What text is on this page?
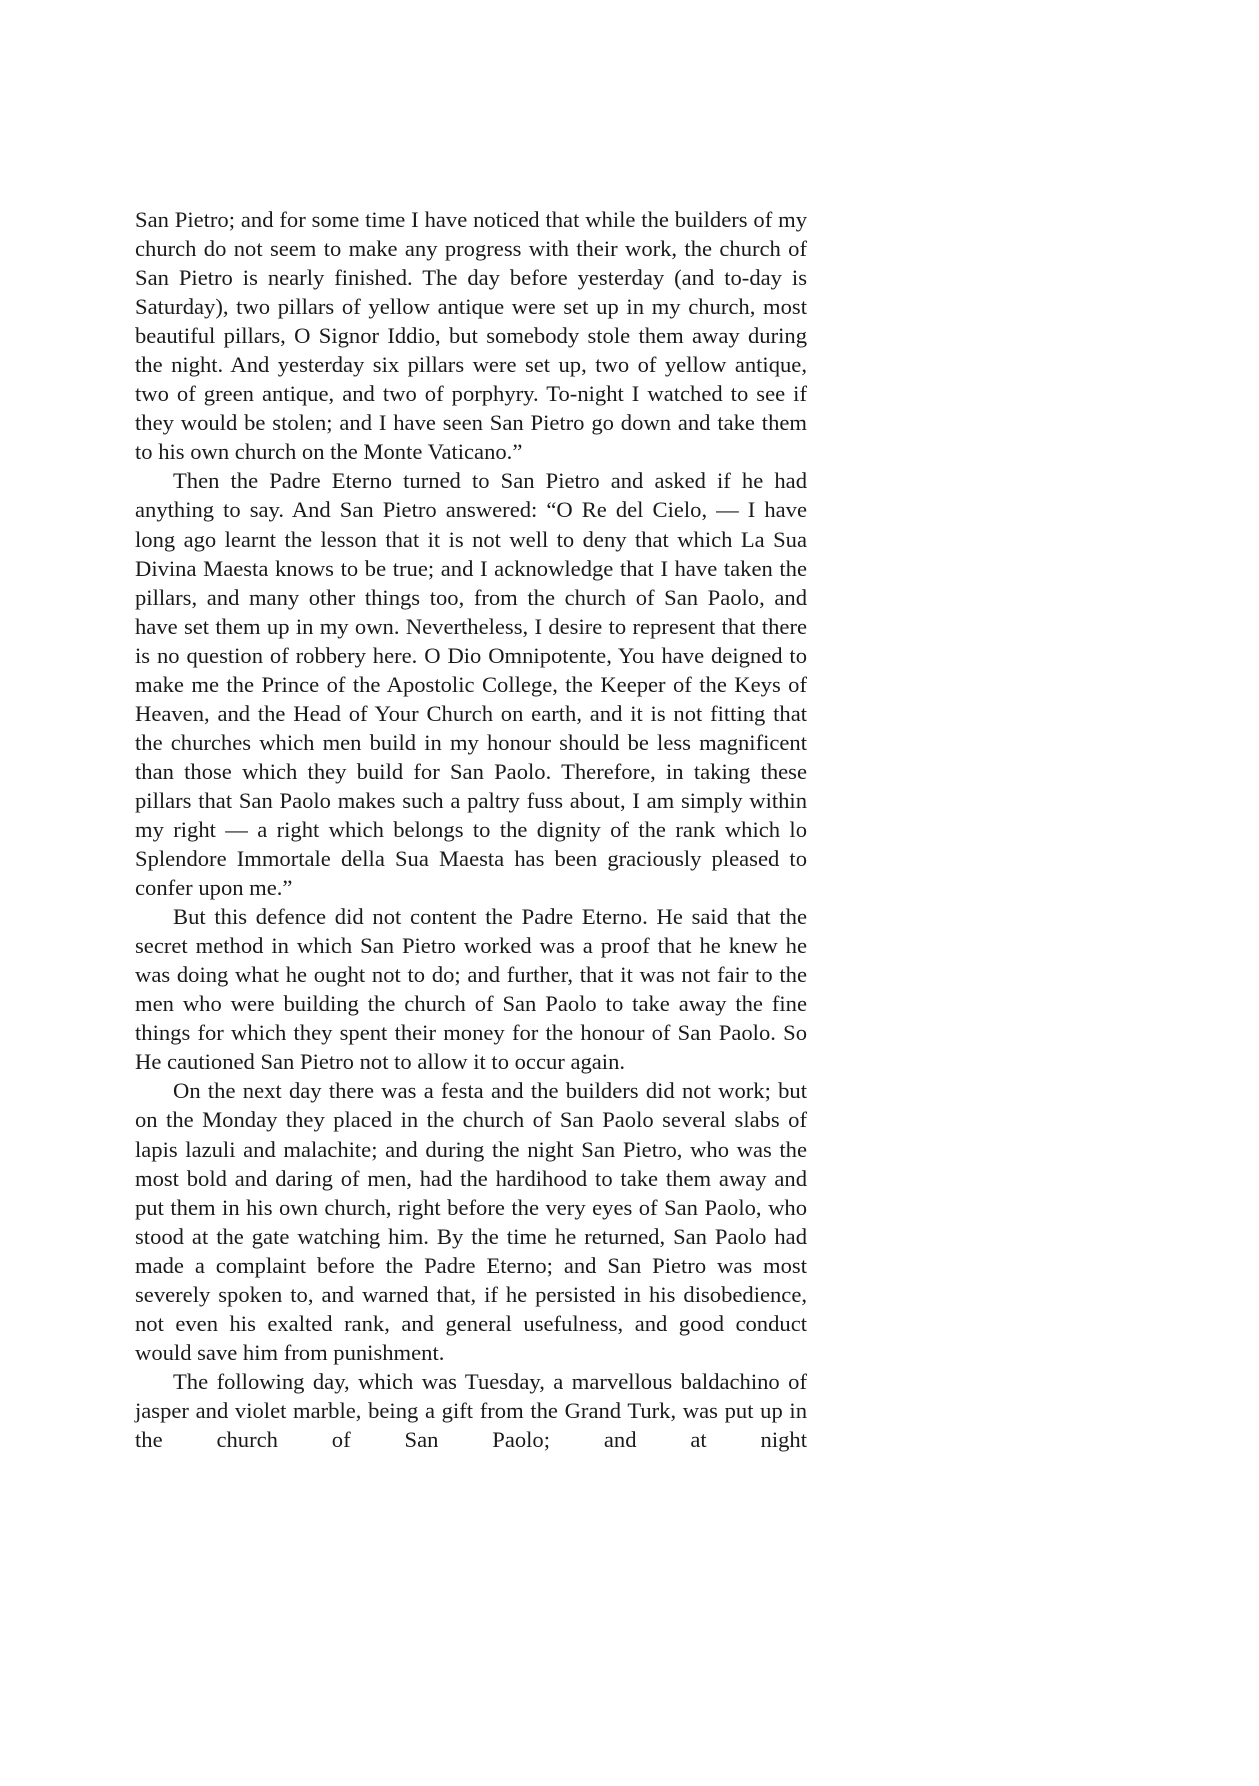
San Pietro; and for some time I have noticed that while the builders of my church do not seem to make any progress with their work, the church of San Pietro is nearly finished. The day before yesterday (and to-day is Saturday), two pillars of yellow antique were set up in my church, most beautiful pillars, O Signor Iddio, but somebody stole them away during the night. And yesterday six pillars were set up, two of yellow antique, two of green antique, and two of porphyry. To-night I watched to see if they would be stolen; and I have seen San Pietro go down and take them to his own church on the Monte Vaticano.”

Then the Padre Eterno turned to San Pietro and asked if he had anything to say. And San Pietro answered: “O Re del Cielo, — I have long ago learnt the lesson that it is not well to deny that which La Sua Divina Maesta knows to be true; and I acknowledge that I have taken the pillars, and many other things too, from the church of San Paolo, and have set them up in my own. Nevertheless, I desire to represent that there is no question of robbery here. O Dio Omnipotente, You have deigned to make me the Prince of the Apostolic College, the Keeper of the Keys of Heaven, and the Head of Your Church on earth, and it is not fitting that the churches which men build in my honour should be less magnificent than those which they build for San Paolo. Therefore, in taking these pillars that San Paolo makes such a paltry fuss about, I am simply within my right — a right which belongs to the dignity of the rank which lo Splendore Immortale della Sua Maesta has been graciously pleased to confer upon me.”

But this defence did not content the Padre Eterno. He said that the secret method in which San Pietro worked was a proof that he knew he was doing what he ought not to do; and further, that it was not fair to the men who were building the church of San Paolo to take away the fine things for which they spent their money for the honour of San Paolo. So He cautioned San Pietro not to allow it to occur again.

On the next day there was a festa and the builders did not work; but on the Monday they placed in the church of San Paolo several slabs of lapis lazuli and malachite; and during the night San Pietro, who was the most bold and daring of men, had the hardihood to take them away and put them in his own church, right before the very eyes of San Paolo, who stood at the gate watching him. By the time he returned, San Paolo had made a complaint before the Padre Eterno; and San Pietro was most severely spoken to, and warned that, if he persisted in his disobedience, not even his exalted rank, and general usefulness, and good conduct would save him from punishment.

The following day, which was Tuesday, a marvellous baldachino of jasper and violet marble, being a gift from the Grand Turk, was put up in the church of San Paolo; and at night
